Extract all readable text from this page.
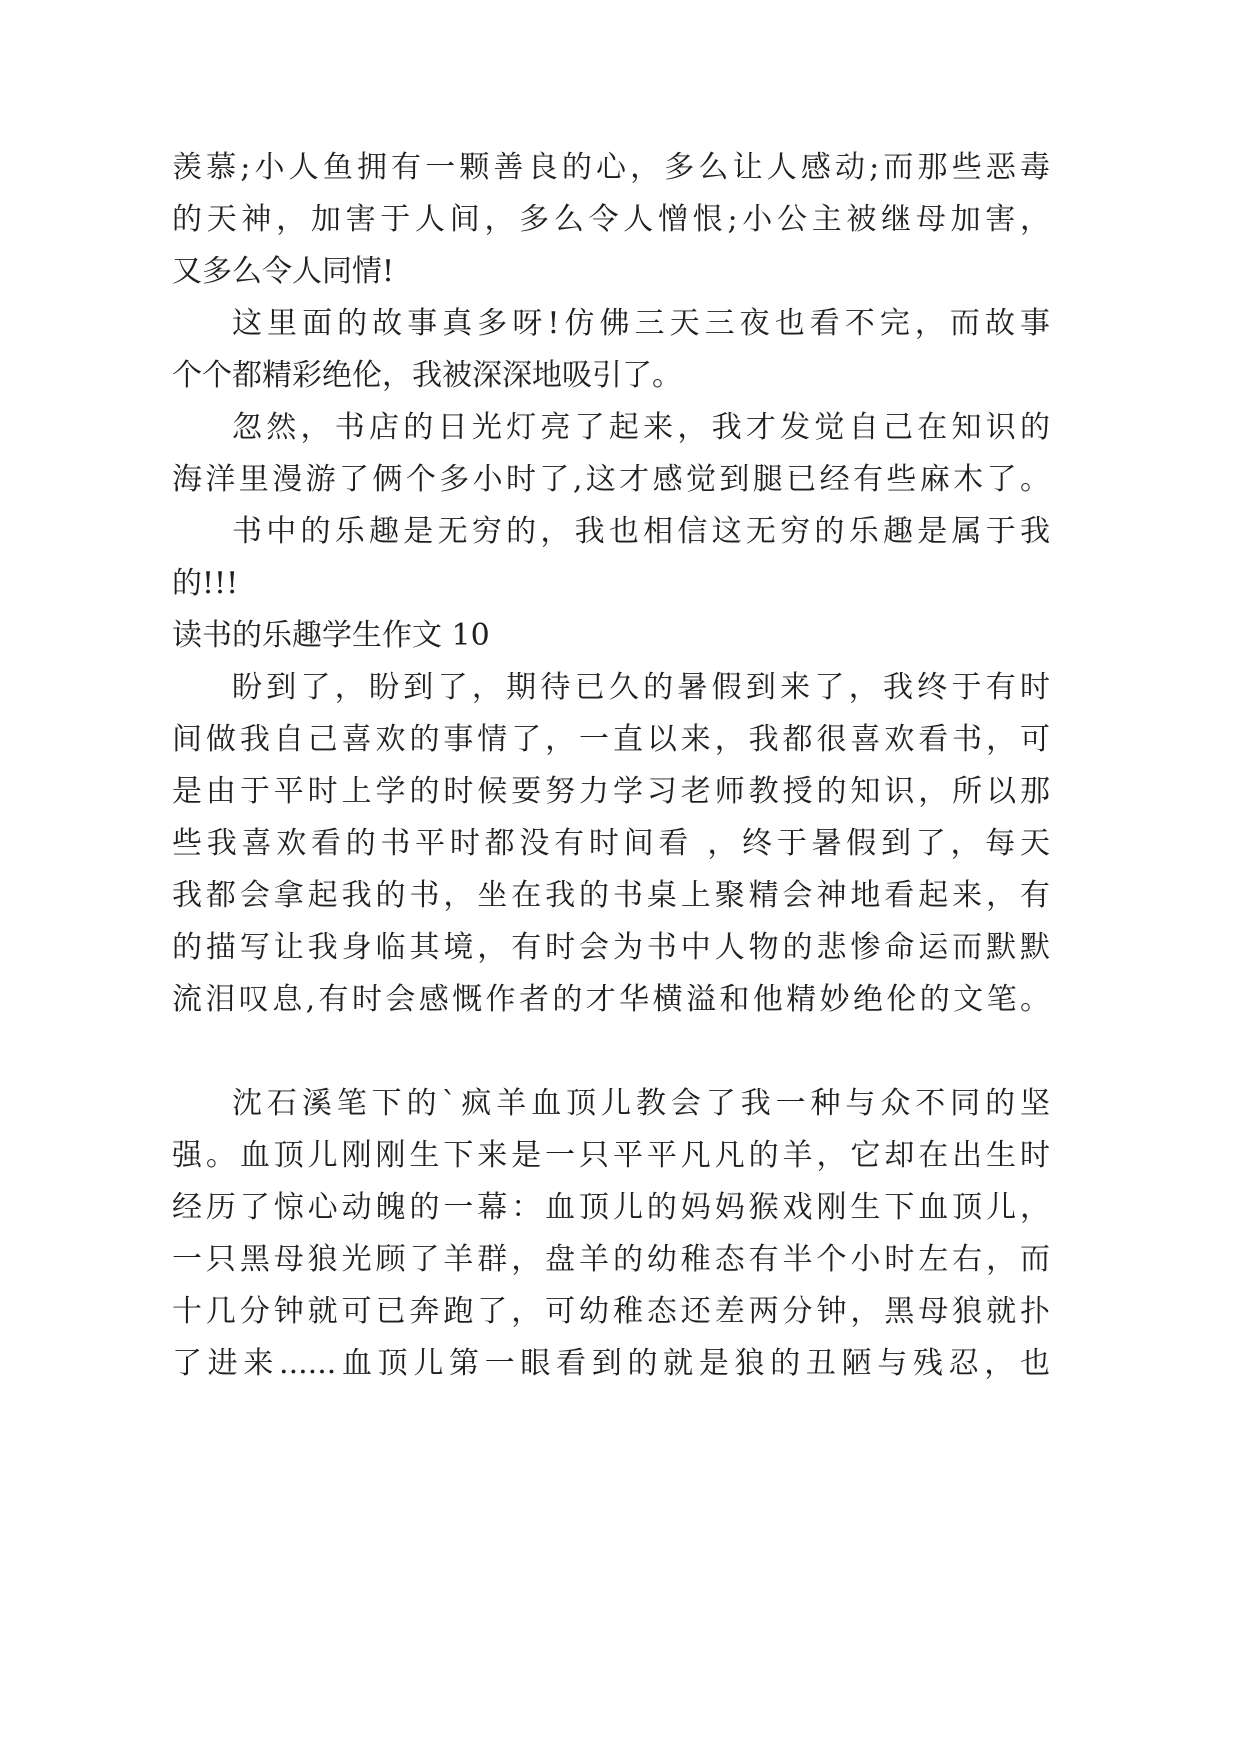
羡慕;小人鱼拥有一颗善良的心，多么让人感动;而那些恶毒
的天神，加害于人间，多么令人憎恨;小公主被继母加害，
又多么令人同情!
这里面的故事真多呀!仿佛三天三夜也看不完，而故事
个个都精彩绝伦，我被深深地吸引了。
忽然，书店的日光灯亮了起来，我才发觉自己在知识的
海洋里漫游了俩个多小时了,这才感觉到腿已经有些麻木了。
书中的乐趣是无穷的，我也相信这无穷的乐趣是属于我
的!!!
读书的乐趣学生作文 10
盼到了，盼到了，期待已久的暑假到来了，我终于有时
间做我自己喜欢的事情了，一直以来，我都很喜欢看书，可
是由于平时上学的时候要努力学习老师教授的知识，所以那
些我喜欢看的书平时都没有时间看 ，终于暑假到了，每天
我都会拿起我的书，坐在我的书桌上聚精会神地看起来，有
的描写让我身临其境，有时会为书中人物的悲惨命运而默默
流泪叹息,有时会感慨作者的才华横溢和他精妙绝伦的文笔。
沈石溪笔下的`疯羊血顶儿教会了我一种与众不同的坚
强。血顶儿刚刚生下来是一只平平凡凡的羊，它却在出生时
经历了惊心动魄的一幕：血顶儿的妈妈猴戏刚生下血顶儿，
一只黑母狼光顾了羊群，盘羊的幼稚态有半个小时左右，而
十几分钟就可已奔跑了，可幼稚态还差两分钟，黑母狼就扑
了进来......血顶儿第一眼看到的就是狼的丑陋与残忍，也
